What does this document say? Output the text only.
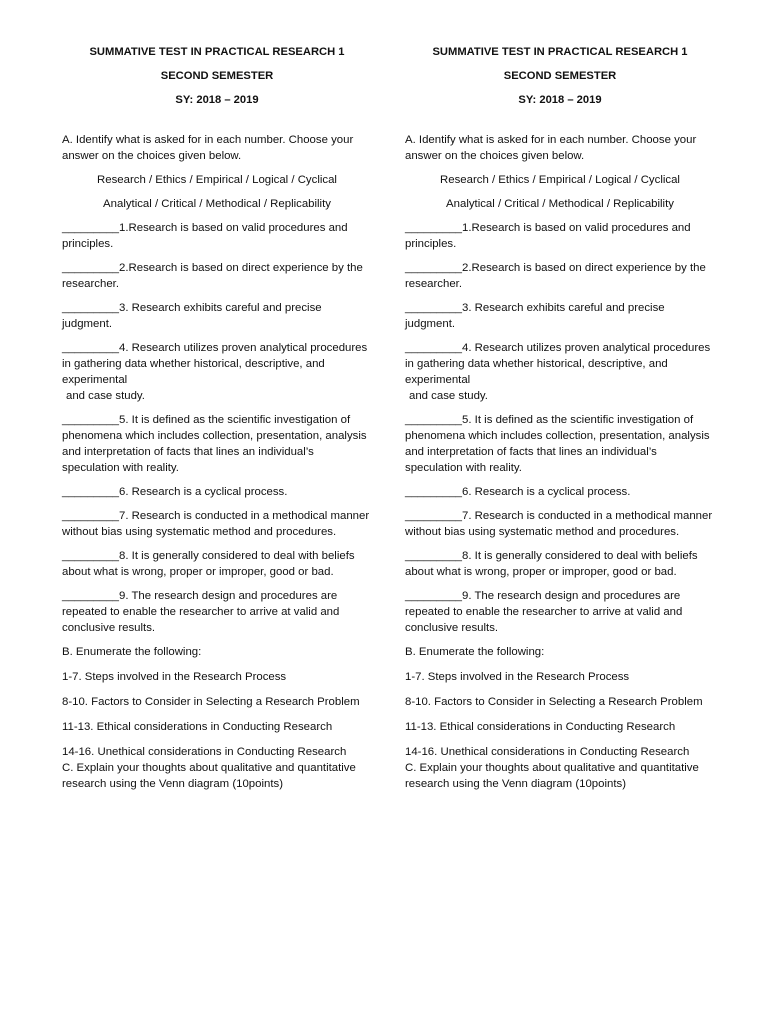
SUMMATIVE TEST IN PRACTICAL RESEARCH 1
SECOND SEMESTER
SY: 2018 – 2019
A. Identify what is asked for in each number. Choose your answer on the choices given below.
Research / Ethics / Empirical / Logical / Cyclical
Analytical / Critical / Methodical / Replicability
_________1.Research is based on valid procedures and principles.
_________2.Research is based on direct experience by the researcher.
_________3. Research exhibits careful and precise judgment.
_________4. Research utilizes proven analytical procedures in gathering data whether historical, descriptive, and experimental
and case study.
_________5. It is defined as the scientific investigation of phenomena which includes collection, presentation, analysis and interpretation of facts that lines an individual’s speculation with reality.
_________6. Research is a cyclical process.
_________7. Research is conducted in a methodical manner without bias using systematic method and procedures.
_________8. It is generally considered to deal with beliefs about what is wrong, proper or improper, good or bad.
_________9. The research design and procedures are repeated to enable the researcher to arrive at valid and conclusive results.
B. Enumerate the following:
1-7. Steps involved in the Research Process
8-10. Factors to Consider in Selecting a Research Problem
11-13. Ethical considerations in Conducting Research
14-16. Unethical considerations in Conducting Research
C. Explain your thoughts about qualitative and quantitative research using the Venn diagram (10points)
SUMMATIVE TEST IN PRACTICAL RESEARCH 1
SECOND SEMESTER
SY: 2018 – 2019
A. Identify what is asked for in each number. Choose your answer on the choices given below.
Research / Ethics / Empirical / Logical / Cyclical
Analytical / Critical / Methodical / Replicability
_________1.Research is based on valid procedures and principles.
_________2.Research is based on direct experience by the researcher.
_________3. Research exhibits careful and precise judgment.
_________4. Research utilizes proven analytical procedures in gathering data whether historical, descriptive, and experimental
and case study.
_________5. It is defined as the scientific investigation of phenomena which includes collection, presentation, analysis and interpretation of facts that lines an individual’s speculation with reality.
_________6. Research is a cyclical process.
_________7. Research is conducted in a methodical manner without bias using systematic method and procedures.
_________8. It is generally considered to deal with beliefs about what is wrong, proper or improper, good or bad.
_________9. The research design and procedures are repeated to enable the researcher to arrive at valid and conclusive results.
B. Enumerate the following:
1-7. Steps involved in the Research Process
8-10. Factors to Consider in Selecting a Research Problem
11-13. Ethical considerations in Conducting Research
14-16. Unethical considerations in Conducting Research
C. Explain your thoughts about qualitative and quantitative research using the Venn diagram (10points)
